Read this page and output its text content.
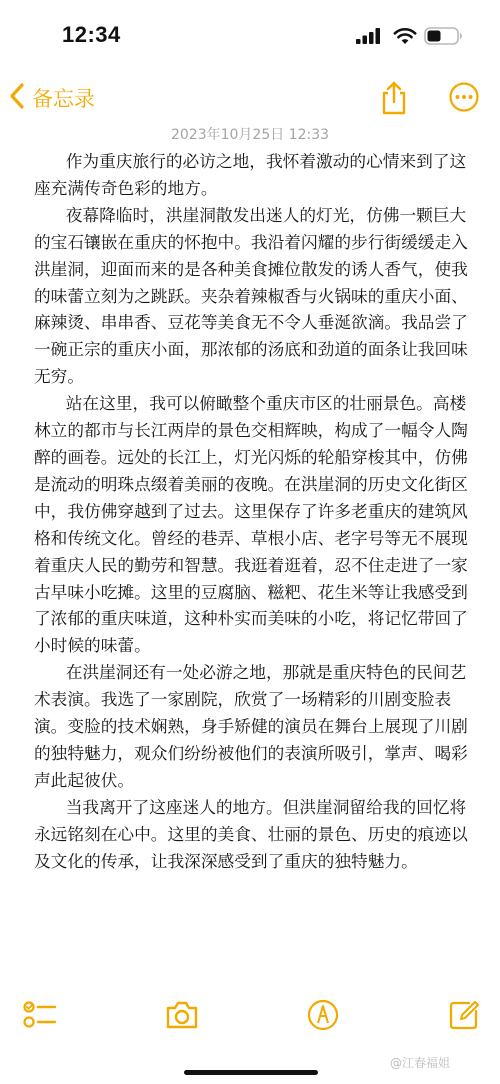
12:34
备忘录
2023年10月25日 12:33

作为重庆旅行的必访之地，我怀着激动的心情来到了这座充满传奇色彩的地方。

夜幕降临时，洪崖洞散发出迷人的灯光，仿佛一颗巨大的宝石镶嵌在重庆的怀抱中。我沿着闪耀的步行街缓缓走入洪崖洞，迎面而来的是各种美食摊位散发的诱人香气，使我的味蕾立刻为之跳跃。夹杂着辣椒香与火锅味的重庆小面、麻辣烫、串串香、豆花等美食无不令人垂涎欲滴。我品尝了一碗正宗的重庆小面，那浓郁的汤底和劲道的面条让我回味无穷。

站在这里，我可以俯瞰整个重庆市区的壮丽景色。高楼林立的都市与长江两岸的景色交相辉映，构成了一幅令人陶醉的画卷。远处的长江上，灯光闪烁的轮船穿梭其中，仿佛是流动的明珠点缀着美丽的夜晚。在洪崖洞的历史文化街区中，我仿佛穿越到了过去。这里保存了许多老重庆的建筑风格和传统文化。曾经的巷弄、草根小店、老字号等无不展现着重庆人民的勤劳和智慧。我逛着逛着，忍不住走进了一家古早味小吃摊。这里的豆腐脑、糍粑、花生米等让我感受到了浓郁的重庆味道，这种朴实而美味的小吃，将记忆带回了小时候的味蕾。

在洪崖洞还有一处必游之地，那就是重庆特色的民间艺术表演。我选了一家剧院，欣赏了一场精彩的川剧变脸表演。变脸的技术娴熟，身手矫健的演员在舞台上展现了川剧的独特魅力，观众们纷纷被他们的表演所吸引，掌声、喝彩声此起彼伏。

当我离开了这座迷人的地方。但洪崖洞留给我的回忆将永远铭刻在心中。这里的美食、壮丽的景色、历史的痕迹以及文化的传承，让我深深感受到了重庆的独特魅力。

@江春福姐
